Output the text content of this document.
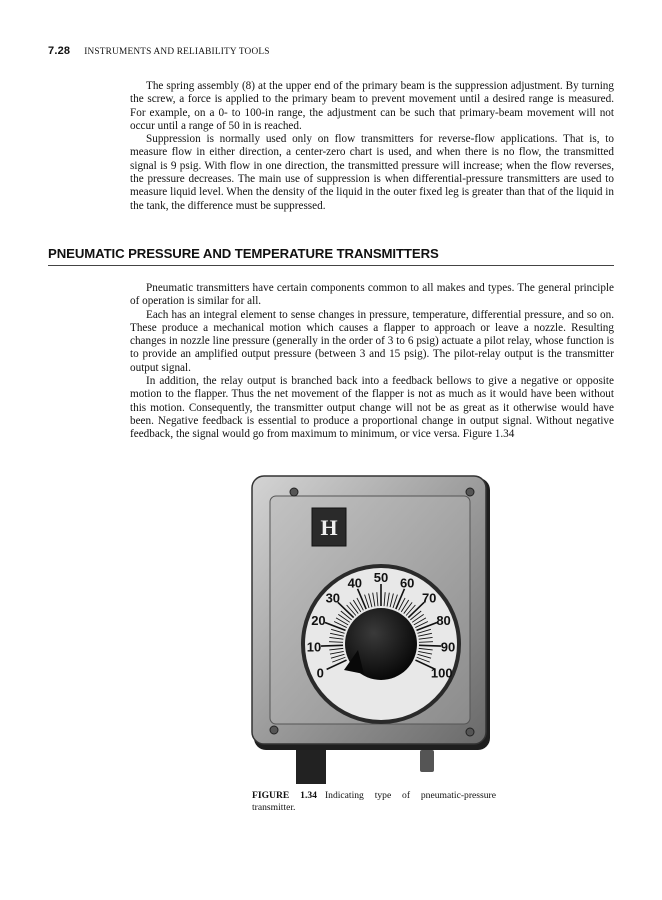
7.28 INSTRUMENTS AND RELIABILITY TOOLS

The spring assembly (8) at the upper end of the primary beam is the suppression adjustment. By turning the screw, a force is applied to the primary beam to prevent movement until a desired range is measured. For example, on a 0- to 100-in range, the adjustment can be such that primary-beam movement will not occur until a range of 50 in is reached.

Suppression is normally used only on flow transmitters for reverse-flow applications. That is, to measure flow in either direction, a center-zero chart is used, and when there is no flow, the transmitted signal is 9 psig. With flow in one direction, the transmitted pressure will increase; when the flow reverses, the pressure decreases. The main use of suppression is when differential-pressure transmitters are used to measure liquid level. When the density of the liquid in the outer fixed leg is greater than that of the liquid in the tank, the difference must be suppressed.

PNEUMATIC PRESSURE AND TEMPERATURE TRANSMITTERS

Pneumatic transmitters have certain components common to all makes and types. The general principle of operation is similar for all.

Each has an integral element to sense changes in pressure, temperature, differential pressure, and so on. These produce a mechanical motion which causes a flapper to approach or leave a nozzle. Resulting changes in nozzle line pressure (generally in the order of 3 to 6 psig) actuate a pilot relay, whose function is to provide an amplified output pressure (between 3 and 15 psig). The pilot-relay output is the transmitter output signal.

In addition, the relay output is branched back into a feedback bellows to give a negative or opposite motion to the flapper. Thus the net movement of the flapper is not as much as it would have been without this motion. Consequently, the transmitter output change will not be as great as it otherwise would have been. Negative feedback is essential to produce a proportional change in output signal. Without negative feedback, the signal would go from maximum to minimum, or vice versa. Figure 1.34

H
0
10
20
30
40 50 60
70
80
90
100
FIGURE 1.34 Indicating type of pneumatic-pressure transmitter.
